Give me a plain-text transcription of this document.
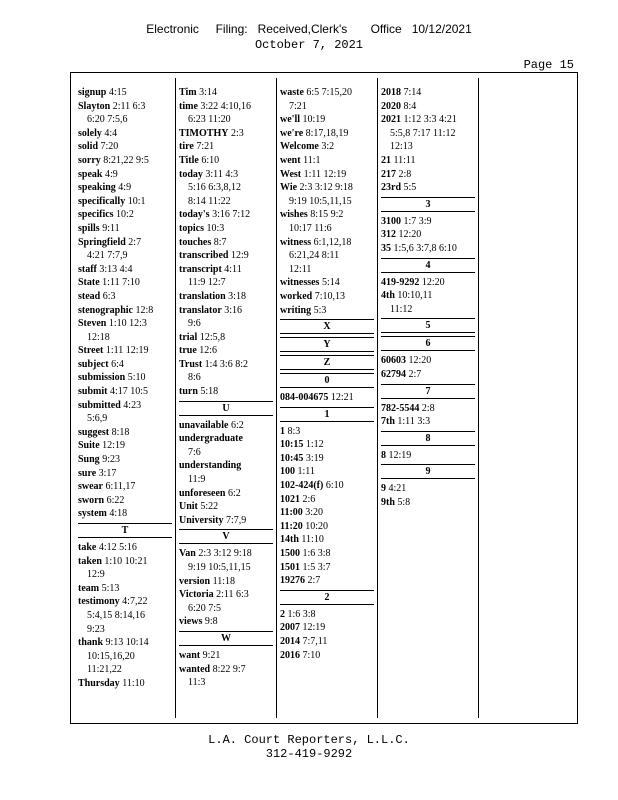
Electronic     Filing:   Received,Clerk's       Office   10/12/2021
October 7, 2021
Page 15
signup 4:15
Slayton 2:11 6:3
6:20 7:5,6
solely 4:4
solid 7:20
sorry 8:21,22 9:5
speak 4:9
speaking 4:9
specifically 10:1
specifics 10:2
spills 9:11
Springfield 2:7
4:21 7:7,9
staff 3:13 4:4
State 1:11 7:10
stead 6:3
stenographic 12:8
Steven 1:10 12:3
12:18
Street 1:11 12:19
subject 6:4
submission 5:10
submit 4:17 10:5
submitted 4:23
5:6,9
suggest 8:18
Suite 12:19
Sung 9:23
sure 3:17
swear 6:11,17
sworn 6:22
system 4:18
T
take 4:12 5:16
taken 1:10 10:21
12:9
team 5:13
testimony 4:7,22
5:4,15 8:14,16
9:23
thank 9:13 10:14
10:15,16,20
11:21,22
Thursday 11:10
Tim 3:14
time 3:22 4:10,16
6:23 11:20
TIMOTHY 2:3
tire 7:21
Title 6:10
today 3:11 4:3
5:16 6:3,8,12
8:14 11:22
today's 3:16 7:12
topics 10:3
touches 8:7
transcribed 12:9
transcript 4:11
11:9 12:7
translation 3:18
translator 3:16
9:6
trial 12:5,8
true 12:6
Trust 1:4 3:6 8:2
8:6
turn 5:18
U
unavailable 6:2
undergraduate
7:6
understanding
11:9
unforeseen 6:2
Unit 5:22
University 7:7,9
V
Van 2:3 3:12 9:18
9:19 10:5,11,15
version 11:18
Victoria 2:11 6:3
6:20 7:5
views 9:8
W
want 9:21
wanted 8:22 9:7
11:3
waste 6:5 7:15,20
7:21
we'll 10:19
we're 8:17,18,19
Welcome 3:2
went 11:1
West 1:11 12:19
Wie 2:3 3:12 9:18
9:19 10:5,11,15
wishes 8:15 9:2
10:17 11:6
witness 6:1,12,18
6:21,24 8:11
12:11
witnesses 5:14
worked 7:10,13
writing 5:3
X
Y
Z
0
084-004675 12:21
1
1 8:3
10:15 1:12
10:45 3:19
100 1:11
102-424(f) 6:10
1021 2:6
11:00 3:20
11:20 10:20
14th 11:10
1500 1:6 3:8
1501 1:5 3:7
19276 2:7
2
2 1:6 3:8
2007 12:19
2014 7:7,11
2016 7:10
2018 7:14
2020 8:4
2021 1:12 3:3 4:21
5:5,8 7:17 11:12
12:13
21 11:11
217 2:8
23rd 5:5
3
3100 1:7 3:9
312 12:20
35 1:5,6 3:7,8 6:10
4
419-9292 12:20
4th 10:10,11
11:12
5
6
60603 12:20
62794 2:7
7
782-5544 2:8
7th 1:11 3:3
8
8 12:19
9
9 4:21
9th 5:8
L.A. Court Reporters, L.L.C.
312-419-9292
